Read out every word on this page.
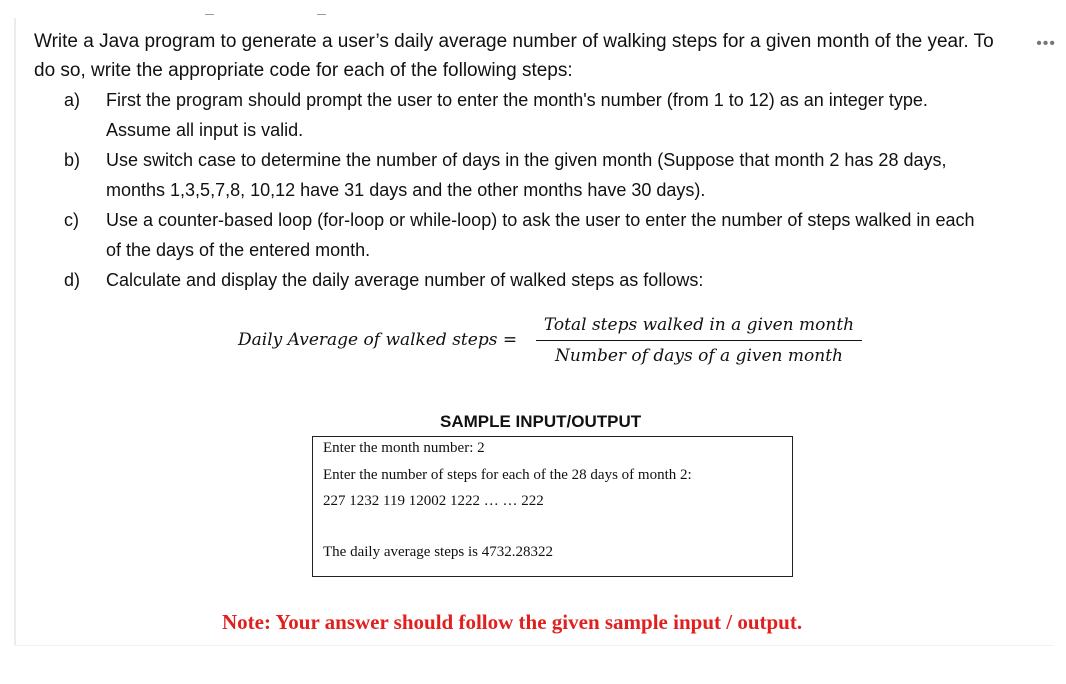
•••
Write a Java program to generate a user’s daily average number of walking steps for a given month of the year. To
do so, write the appropriate code for each of the following steps:
a) First the program should prompt the user to enter the month's number (from 1 to 12) as an integer type.
Assume all input is valid.
b) Use switch case to determine the number of days in the given month (Suppose that month 2 has 28 days,
months 1,3,5,7,8, 10,12 have 31 days and the other months have 30 days).
c) Use a counter-based loop (for-loop or while-loop) to ask the user to enter the number of steps walked in each
of the days of the entered month.
d) Calculate and display the daily average number of walked steps as follows:
Daily Average of walked steps =
Total steps walked in a given month
Number of days of a given month
SAMPLE INPUT/OUTPUT
Enter the month number: 2
Enter the number of steps for each of the 28 days of month 2:
227 1232 119 12002 1222 … … 222
The daily average steps is 4732.28322
Note: Your answer should follow the given sample input / output.
